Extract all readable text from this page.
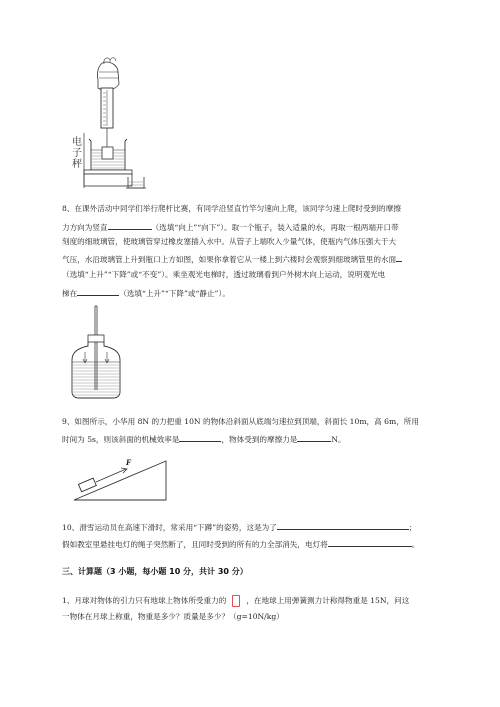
电
子
秤
8、在课外活动中同学们举行爬杆比赛，有同学沿竖直竹竿匀速向上爬，该同学匀速上爬时受到的摩擦
力方向为竖直	（选填“向上”“向下”）。取一个瓶子，装入适量的水，再取一根两端开口带
刻度的细玻璃管，使玻璃管穿过橡皮塞插入水中。从管子上端吹入少量气体，使瓶内气体压强大于大
气压，水沿玻璃管上升到瓶口上方如图，如果你拿着它从一楼上到六楼时会观察到细玻璃管里的水面
（选填“上升”“下降”或“不变”）。乘坐观光电梯时，透过玻璃看到户外树木向上运动，说明观光电
梯在	（选填“上升”“下降”或“静止”）。
9、如图所示，小华用 8N 的力把重 10N 的物体沿斜面从底端匀速拉到顶端，斜面长 10m，高 6m，所用
时间为 5s，则该斜面的机械效率是	，物体受到的摩擦力是	N。
F
10、滑雪运动员在高速下滑时，常采用“下蹲”的姿势，这是为了	；
假如教室里悬挂电灯的绳子突然断了，且同时受到的所有的力全部消失，电灯将	。
三、计算题（3 小题，每小题 10 分，共计 30 分）
1、月球对物体的引力只有地球上物体所受重力的	，在地球上用弹簧测力计称得物重是 15N，问这
一物体在月球上称重，物重是多少？质量是多少？（g=10N/kg）
